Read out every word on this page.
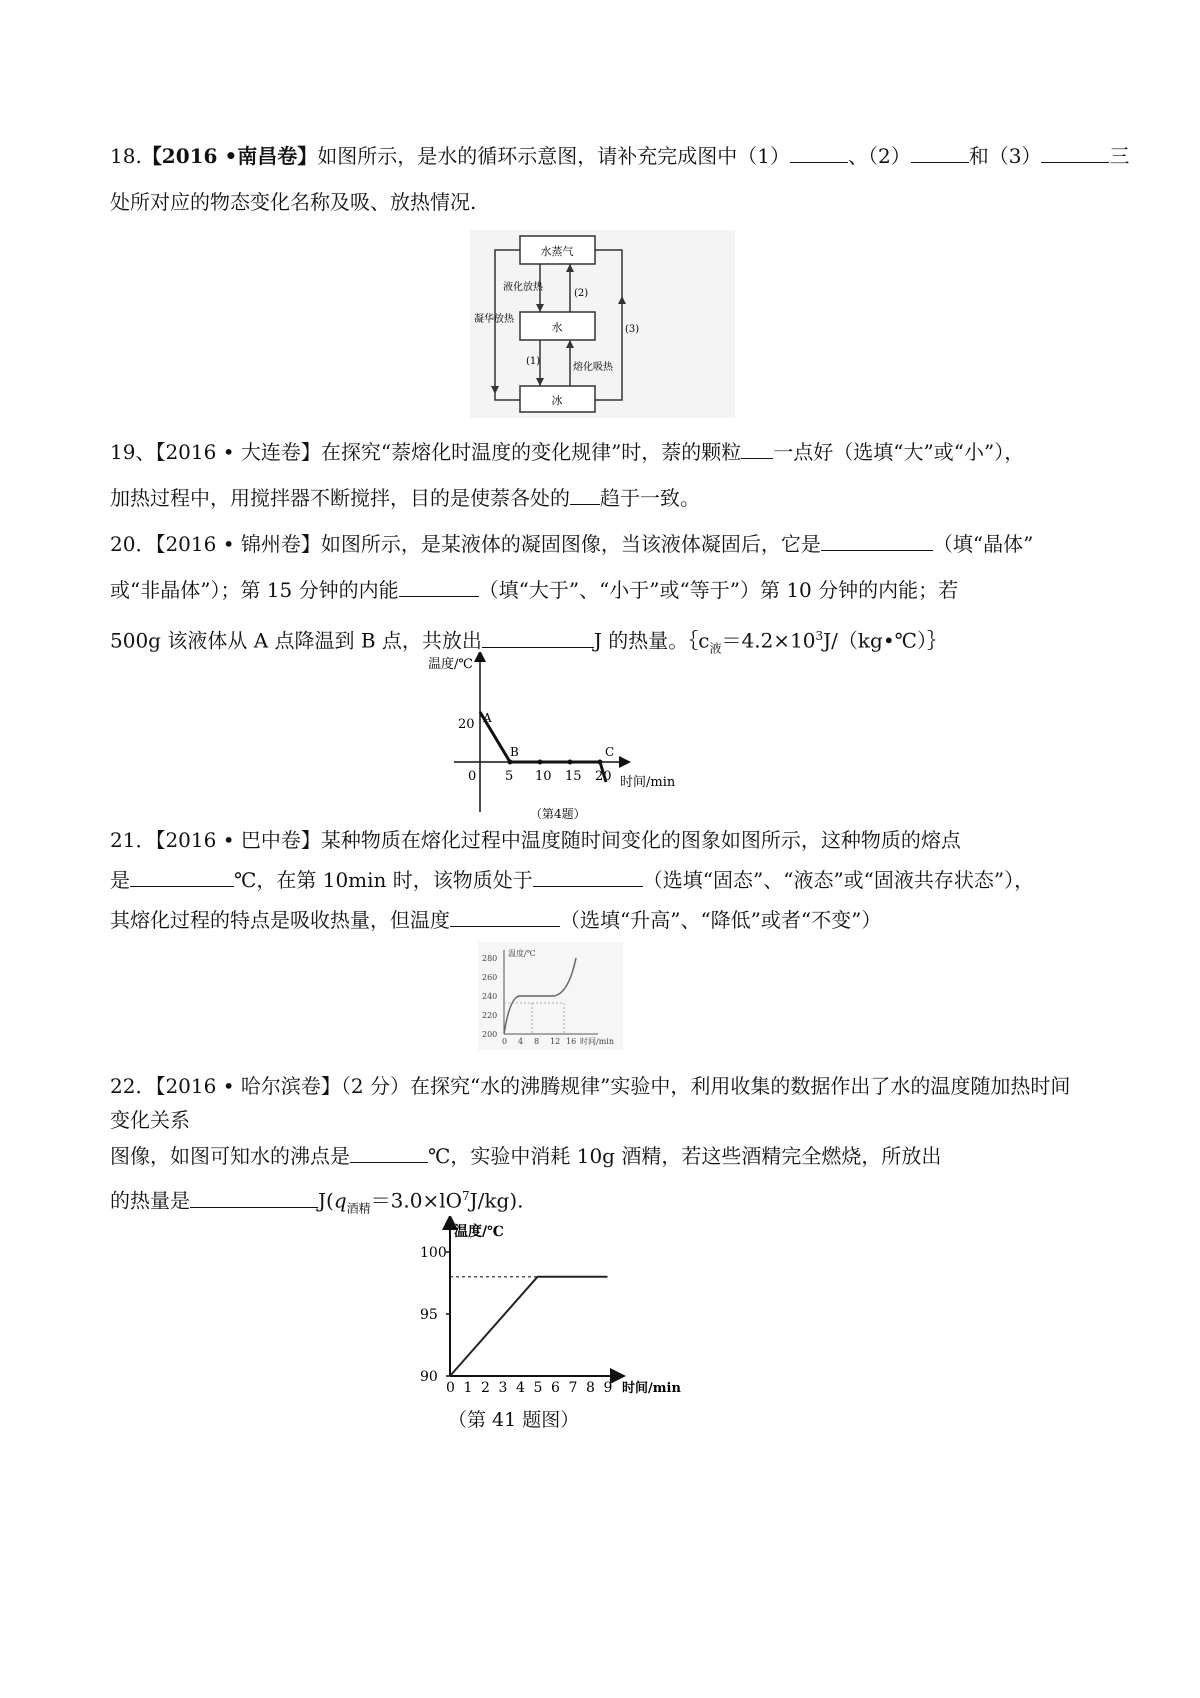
18.【2016 •南昌卷】如图所示，是水的循环示意图，请补充完成图中（1）	、（2）	和（3）	三
处所对应的物态变化名称及吸、放热情况.
水蒸气
水
冰
液化放热
凝华放热
(2)
(3)
(1)
熔化吸热
19、【2016 • 大连卷】在探究“萘熔化时温度的变化规律”时，萘的颗粒 一点好（选填“大”或“小”），
加热过程中，用搅拌器不断搅拌，目的是使萘各处的 趋于一致。
20．【2016 • 锦州卷】如图所示，是某液体的凝固图像，当该液体凝固后，它是	（填“晶体”
或“非晶体”）；第 15 分钟的内能	（填“大于”、“小于”或“等于”）第 10 分钟的内能；若
500g 该液体从 A 点降温到 B 点，共放出	J 的热量。$\{c_液=4.2\times 10^3J/(kg•℃)\}$
温度/℃
时间/min
20
0 5 10 15 20
A
B	C
（第4题）
21．【2016 • 巴中卷】某种物质在熔化过程中温度随时间变化的图象如图所示，这种物质的熔点
是	℃，在第 10min 时，该物质处于	（选填“固态”、“液态”或“固液共存状态”），
其熔化过程的特点是吸收热量，但温度	（选填“升高”、“降低”或者“不变”）
温度/℃
时间/min
280
260
240
220
200
0 4 8 12 16
22．【2016 • 哈尔滨卷】（2 分）在探究“水的沸腾规律”实验中，利用收集的数据作出了水的温度随加热时间
变化关系
图像，如图可知水的沸点是	℃，实验中消耗 10g 酒精，若这些酒精完全燃烧，所放出
的热量是	$J(q_{酒精}=3.0\times lO^7J/kg)$.
温度/℃
时间/min
100
95
90
0 1 2 3 4 5 6 7 8 9
（第 41 题图）
